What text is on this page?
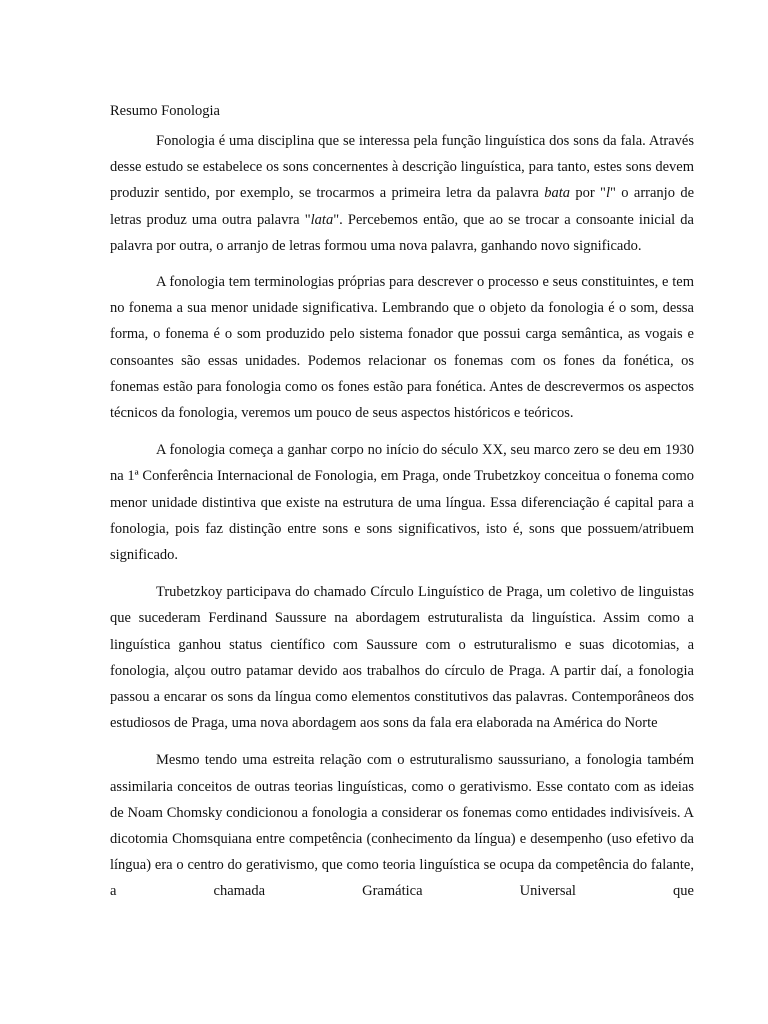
Resumo Fonologia

Fonologia é uma disciplina que se interessa pela função linguística dos sons da fala. Através desse estudo se estabelece os sons concernentes à descrição linguística, para tanto, estes sons devem produzir sentido, por exemplo, se trocarmos a primeira letra da palavra bata por "l" o arranjo de letras produz uma outra palavra "lata". Percebemos então, que ao se trocar a consoante inicial da palavra por outra, o arranjo de letras formou uma nova palavra, ganhando novo significado.

A fonologia tem terminologias próprias para descrever o processo e seus constituintes, e tem no fonema a sua menor unidade significativa. Lembrando que o objeto da fonologia é o som, dessa forma, o fonema é o som produzido pelo sistema fonador que possui carga semântica, as vogais e consoantes são essas unidades. Podemos relacionar os fonemas com os fones da fonética, os fonemas estão para fonologia como os fones estão para fonética. Antes de descrevermos os aspectos técnicos da fonologia, veremos um pouco de seus aspectos históricos e teóricos.

A fonologia começa a ganhar corpo no início do século XX, seu marco zero se deu em 1930 na 1ª Conferência Internacional de Fonologia, em Praga, onde Trubetzkoy conceitua o fonema como menor unidade distintiva que existe na estrutura de uma língua. Essa diferenciação é capital para a fonologia, pois faz distinção entre sons e sons significativos, isto é, sons que possuem/atribuem significado.

Trubetzkoy participava do chamado Círculo Linguístico de Praga, um coletivo de linguistas que sucederam Ferdinand Saussure na abordagem estruturalista da linguística. Assim como a linguística ganhou status científico com Saussure com o estruturalismo e suas dicotomias, a fonologia, alçou outro patamar devido aos trabalhos do círculo de Praga. A partir daí, a fonologia passou a encarar os sons da língua como elementos constitutivos das palavras. Contemporâneos dos estudiosos de Praga, uma nova abordagem aos sons da fala era elaborada na América do Norte

Mesmo tendo uma estreita relação com o estruturalismo saussuriano, a fonologia também assimilaria conceitos de outras teorias linguísticas, como o gerativismo. Esse contato com as ideias de Noam Chomsky condicionou a fonologia a considerar os fonemas como entidades indivisíveis. A dicotomia Chomsquiana entre competência (conhecimento da língua) e desempenho (uso efetivo da língua) era o centro do gerativismo, que como teoria linguística se ocupa da competência do falante, a chamada Gramática Universal que
